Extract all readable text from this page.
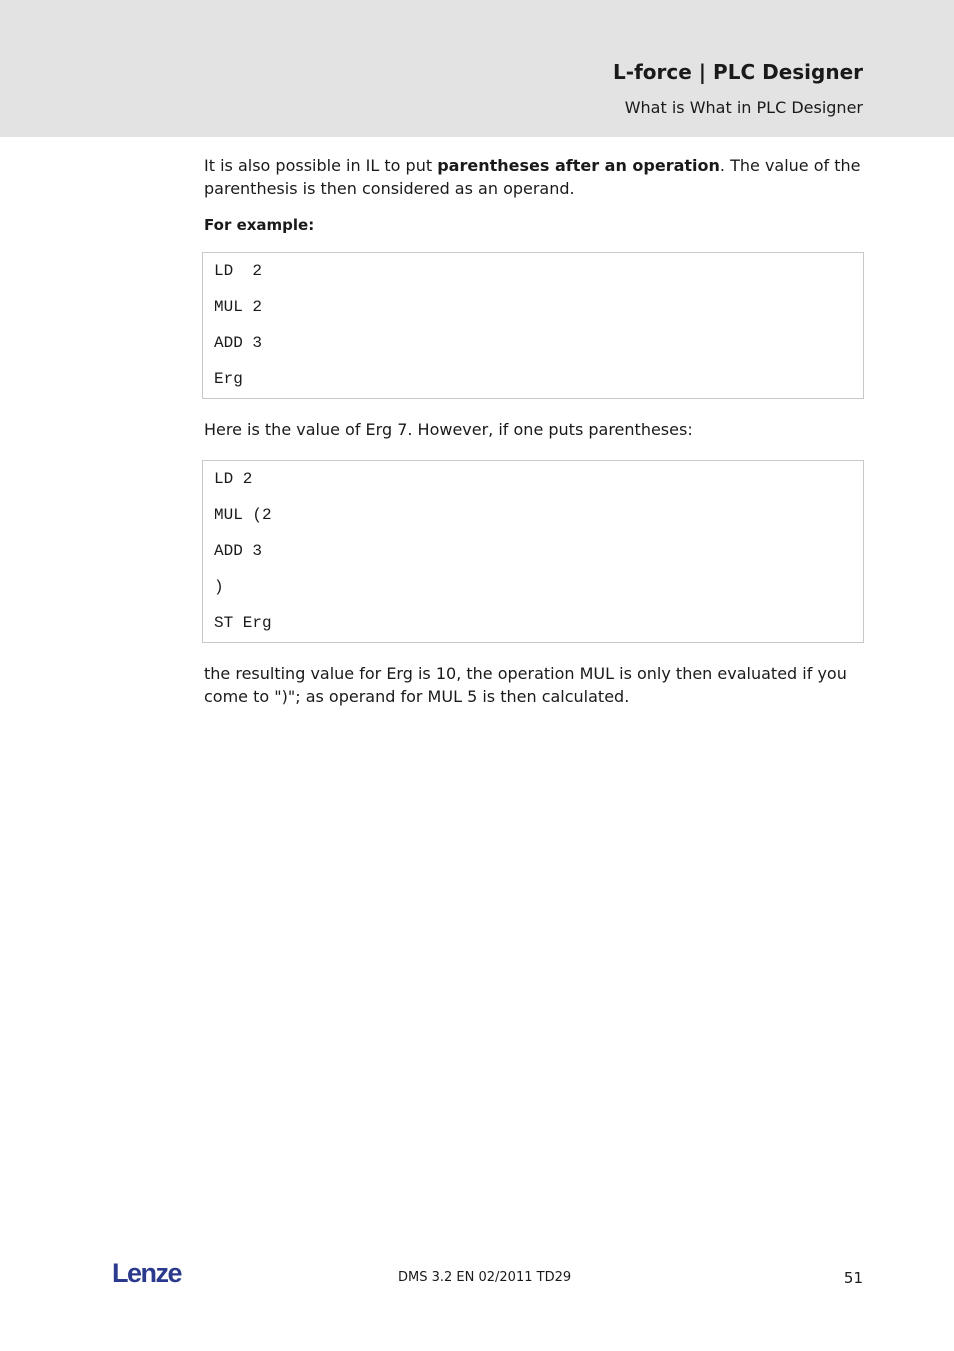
L-force | PLC Designer
What is What in PLC Designer

It is also possible in IL to put parentheses after an operation. The value of the parenthesis is then considered as an operand.

For example:

LD  2
MUL 2
ADD 3
Erg

Here is the value of Erg 7. However, if one puts parentheses:

LD 2
MUL (2
ADD 3
)
ST Erg

the resulting value for Erg is 10, the operation MUL is only then evaluated if you come to ")"; as operand for MUL 5 is then calculated.

Lenze	DMS 3.2 EN 02/2011 TD29	51
